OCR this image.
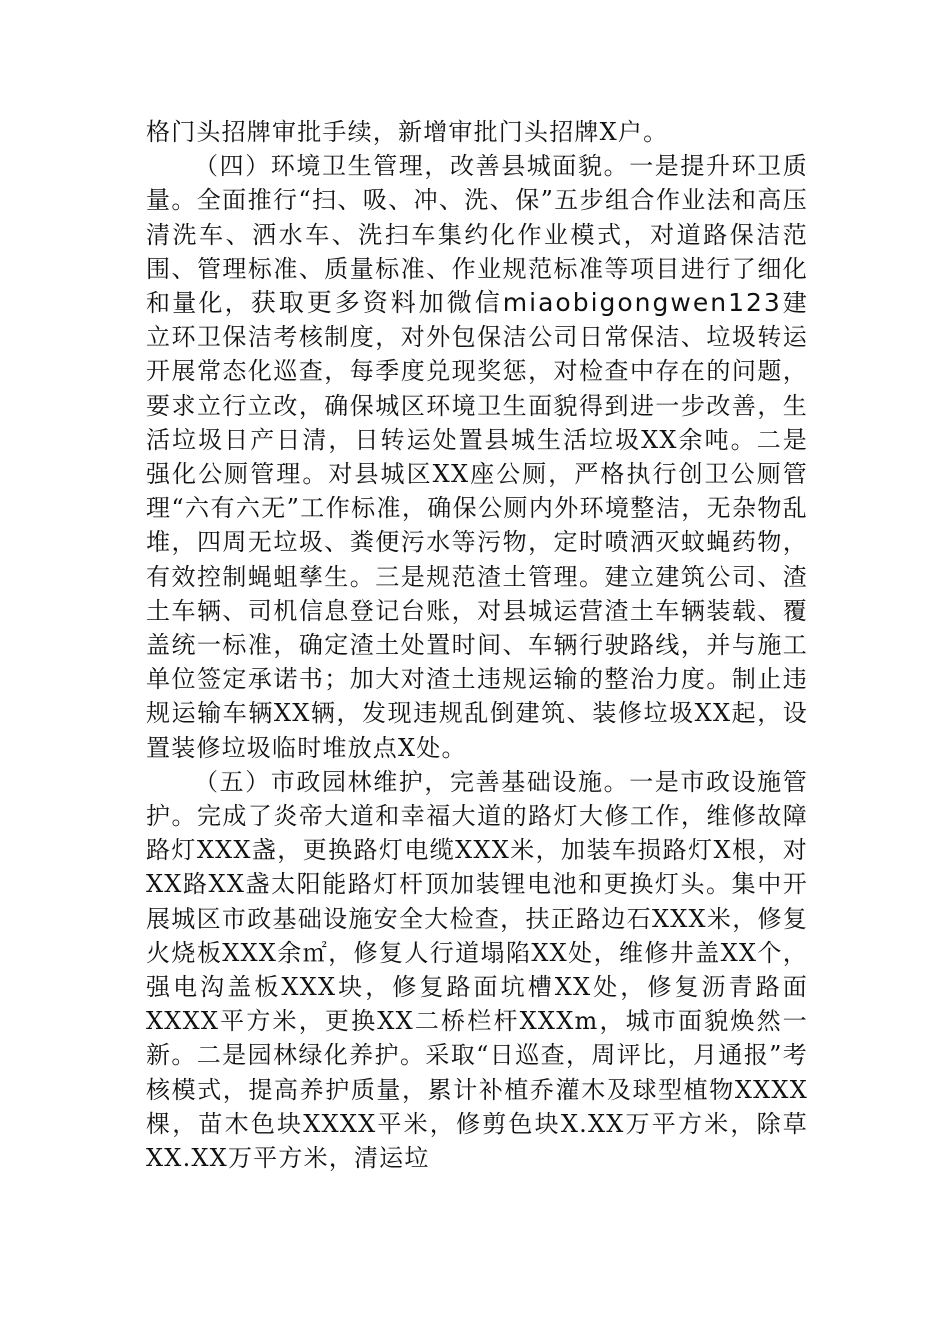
格门头招牌审批手续，新增审批门头招牌X户。

（四）环境卫生管理，改善县城面貌。一是提升环卫质量。全面推行“扫、吸、冲、洗、保”五步组合作业法和高压清洗车、洒水车、洗扫车集约化作业模式，对道路保洁范围、管理标准、质量标准、作业规范标准等项目进行了细化和量化，获取更多资料加微信miaobigongwen123建立环卫保洁考核制度，对外包保洁公司日常保洁、垃圾转运开展常态化巡查，每季度兑现奖惩，对检查中存在的问题，要求立行立改，确保城区环境卫生面貌得到进一步改善，生活垃圾日产日清，日转运处置县城生活垃圾XX余吨。二是强化公厕管理。对县城区XX座公厕，严格执行创卫公厕管理“六有六无”工作标准，确保公厕内外环境整洁，无杂物乱堆，四周无垃圾、粪便污水等污物，定时喷洒灭蚊蝇药物，有效控制蝇蛆孳生。三是规范渣土管理。建立建筑公司、渣土车辆、司机信息登记台账，对县城运营渣土车辆装载、覆盖统一标准，确定渣土处置时间、车辆行驶路线，并与施工单位签定承诺书；加大对渣土违规运输的整治力度。制止违规运输车辆XX辆，发现违规乱倒建筑、装修垃圾XX起，设置装修垃圾临时堆放点X处。

（五）市政园林维护，完善基础设施。一是市政设施管护。完成了炎帝大道和幸福大道的路灯大修工作，维修故障路灯XXX盏，更换路灯电缆XXX米，加装车损路灯X根，对XX路XX盏太阳能路灯杆顶加装锂电池和更换灯头。集中开展城区市政基础设施安全大检查，扶正路边石XXX米，修复火烧板XXX余㎡，修复人行道塌陷XX处，维修井盖XX个，强电沟盖板XXX块，修复路面坑槽XX处，修复沥青路面XXXX平方米，更换XX二桥栏杆XXXm，城市面貌焕然一新。二是园林绿化养护。采取“日巡查，周评比，月通报”考核模式，提高养护质量，累计补植乔灌木及球型植物XXXX棵，苗木色块XXXX平米，修剪色块X.XX万平方米，除草XX.XX万平方米，清运垃
